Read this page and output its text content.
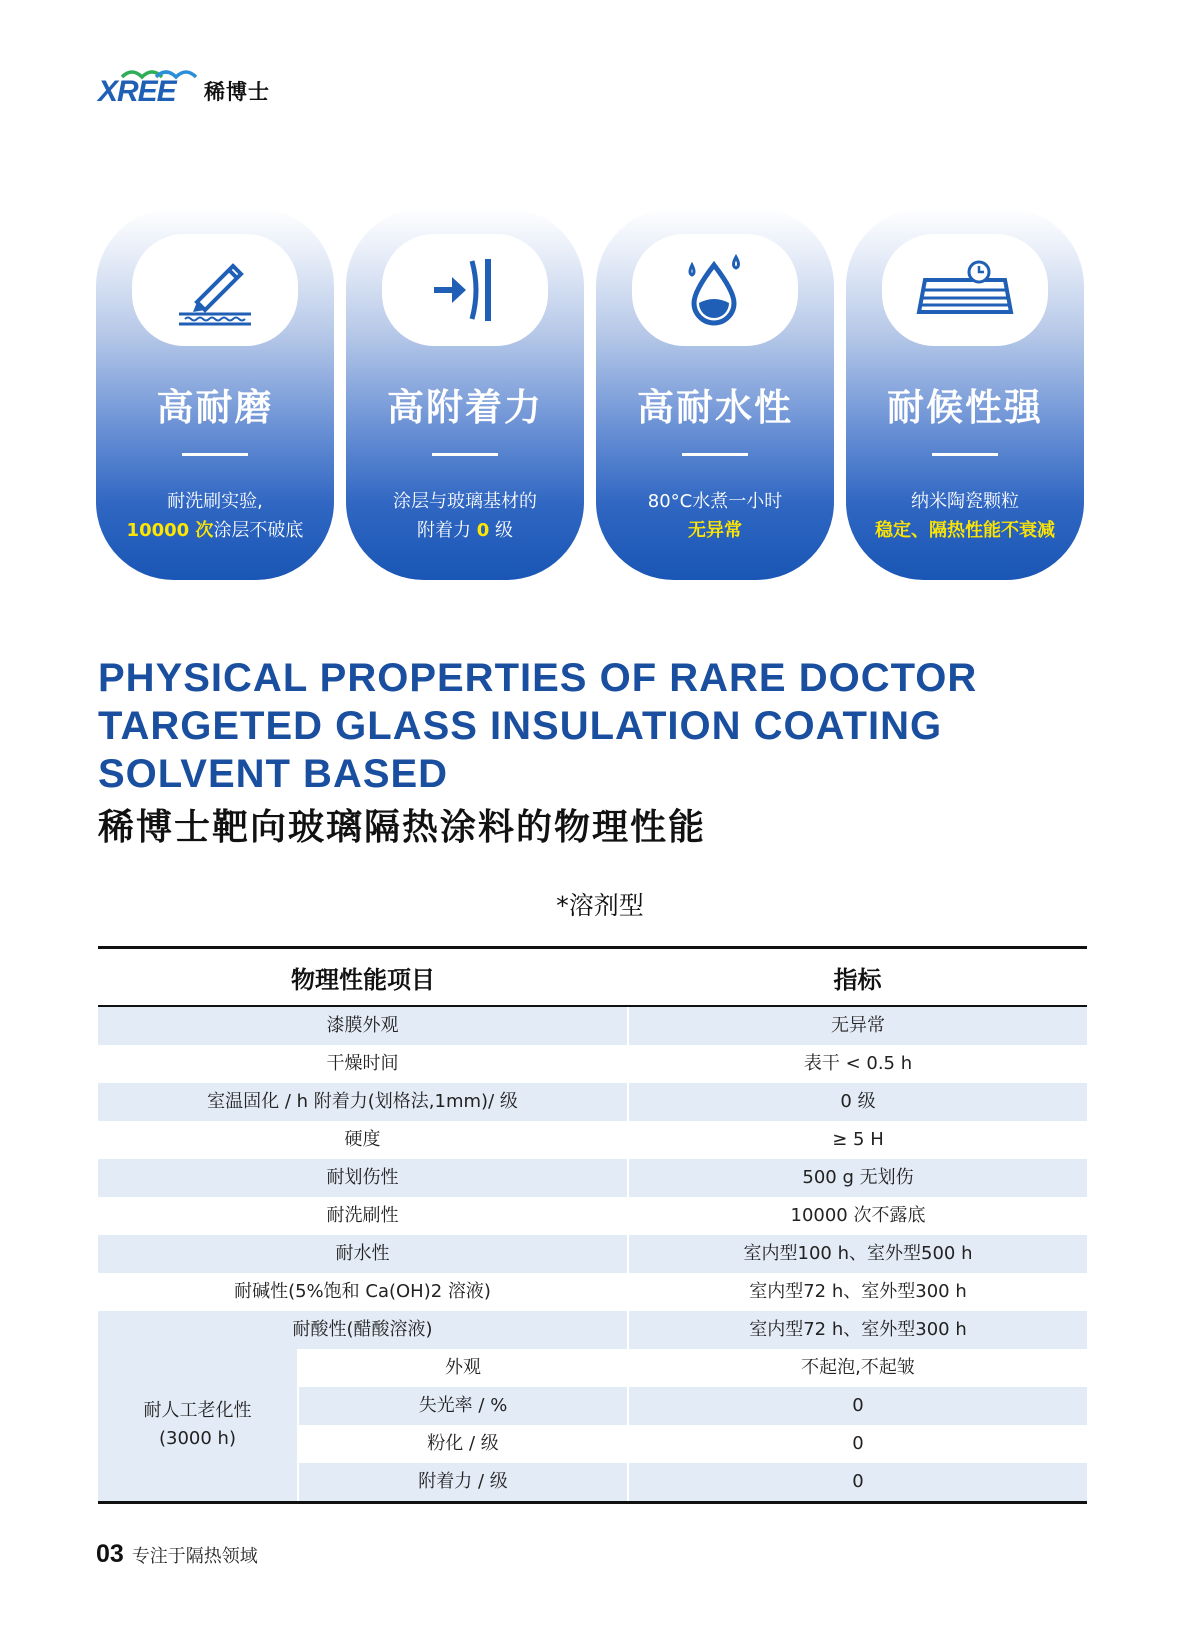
XREE 稀博士
高耐磨
耐洗刷实验,
10000 次涂层不破底
高附着力
涂层与玻璃基材的
附着力 0 级
高耐水性
80°C水煮一小时
无异常
耐候性强
纳米陶瓷颗粒
稳定、隔热性能不衰减
PHYSICAL PROPERTIES OF RARE DOCTOR
TARGETED GLASS INSULATION COATING
SOLVENT BASED
稀博士靶向玻璃隔热涂料的物理性能
*溶剂型
物理性能项目		指标
漆膜外观		无异常
干燥时间		表干 < 0.5 h
室温固化 / h 附着力(划格法,1mm)/ 级		0 级
硬度		≥ 5 H
耐划伤性		500 g 无划伤
耐洗刷性		10000 次不露底
耐水性		室内型100 h、室外型500 h
耐碱性(5%饱和 Ca(OH)2 溶液)		室内型72 h、室外型300 h
耐酸性(醋酸溶液)		室内型72 h、室外型300 h

耐人工老化性
(3000 h)	外观	不起泡,不起皱
	失光率 / %	0
	粉化 / 级	0
	附着力 / 级	0
03 专注于隔热领域
